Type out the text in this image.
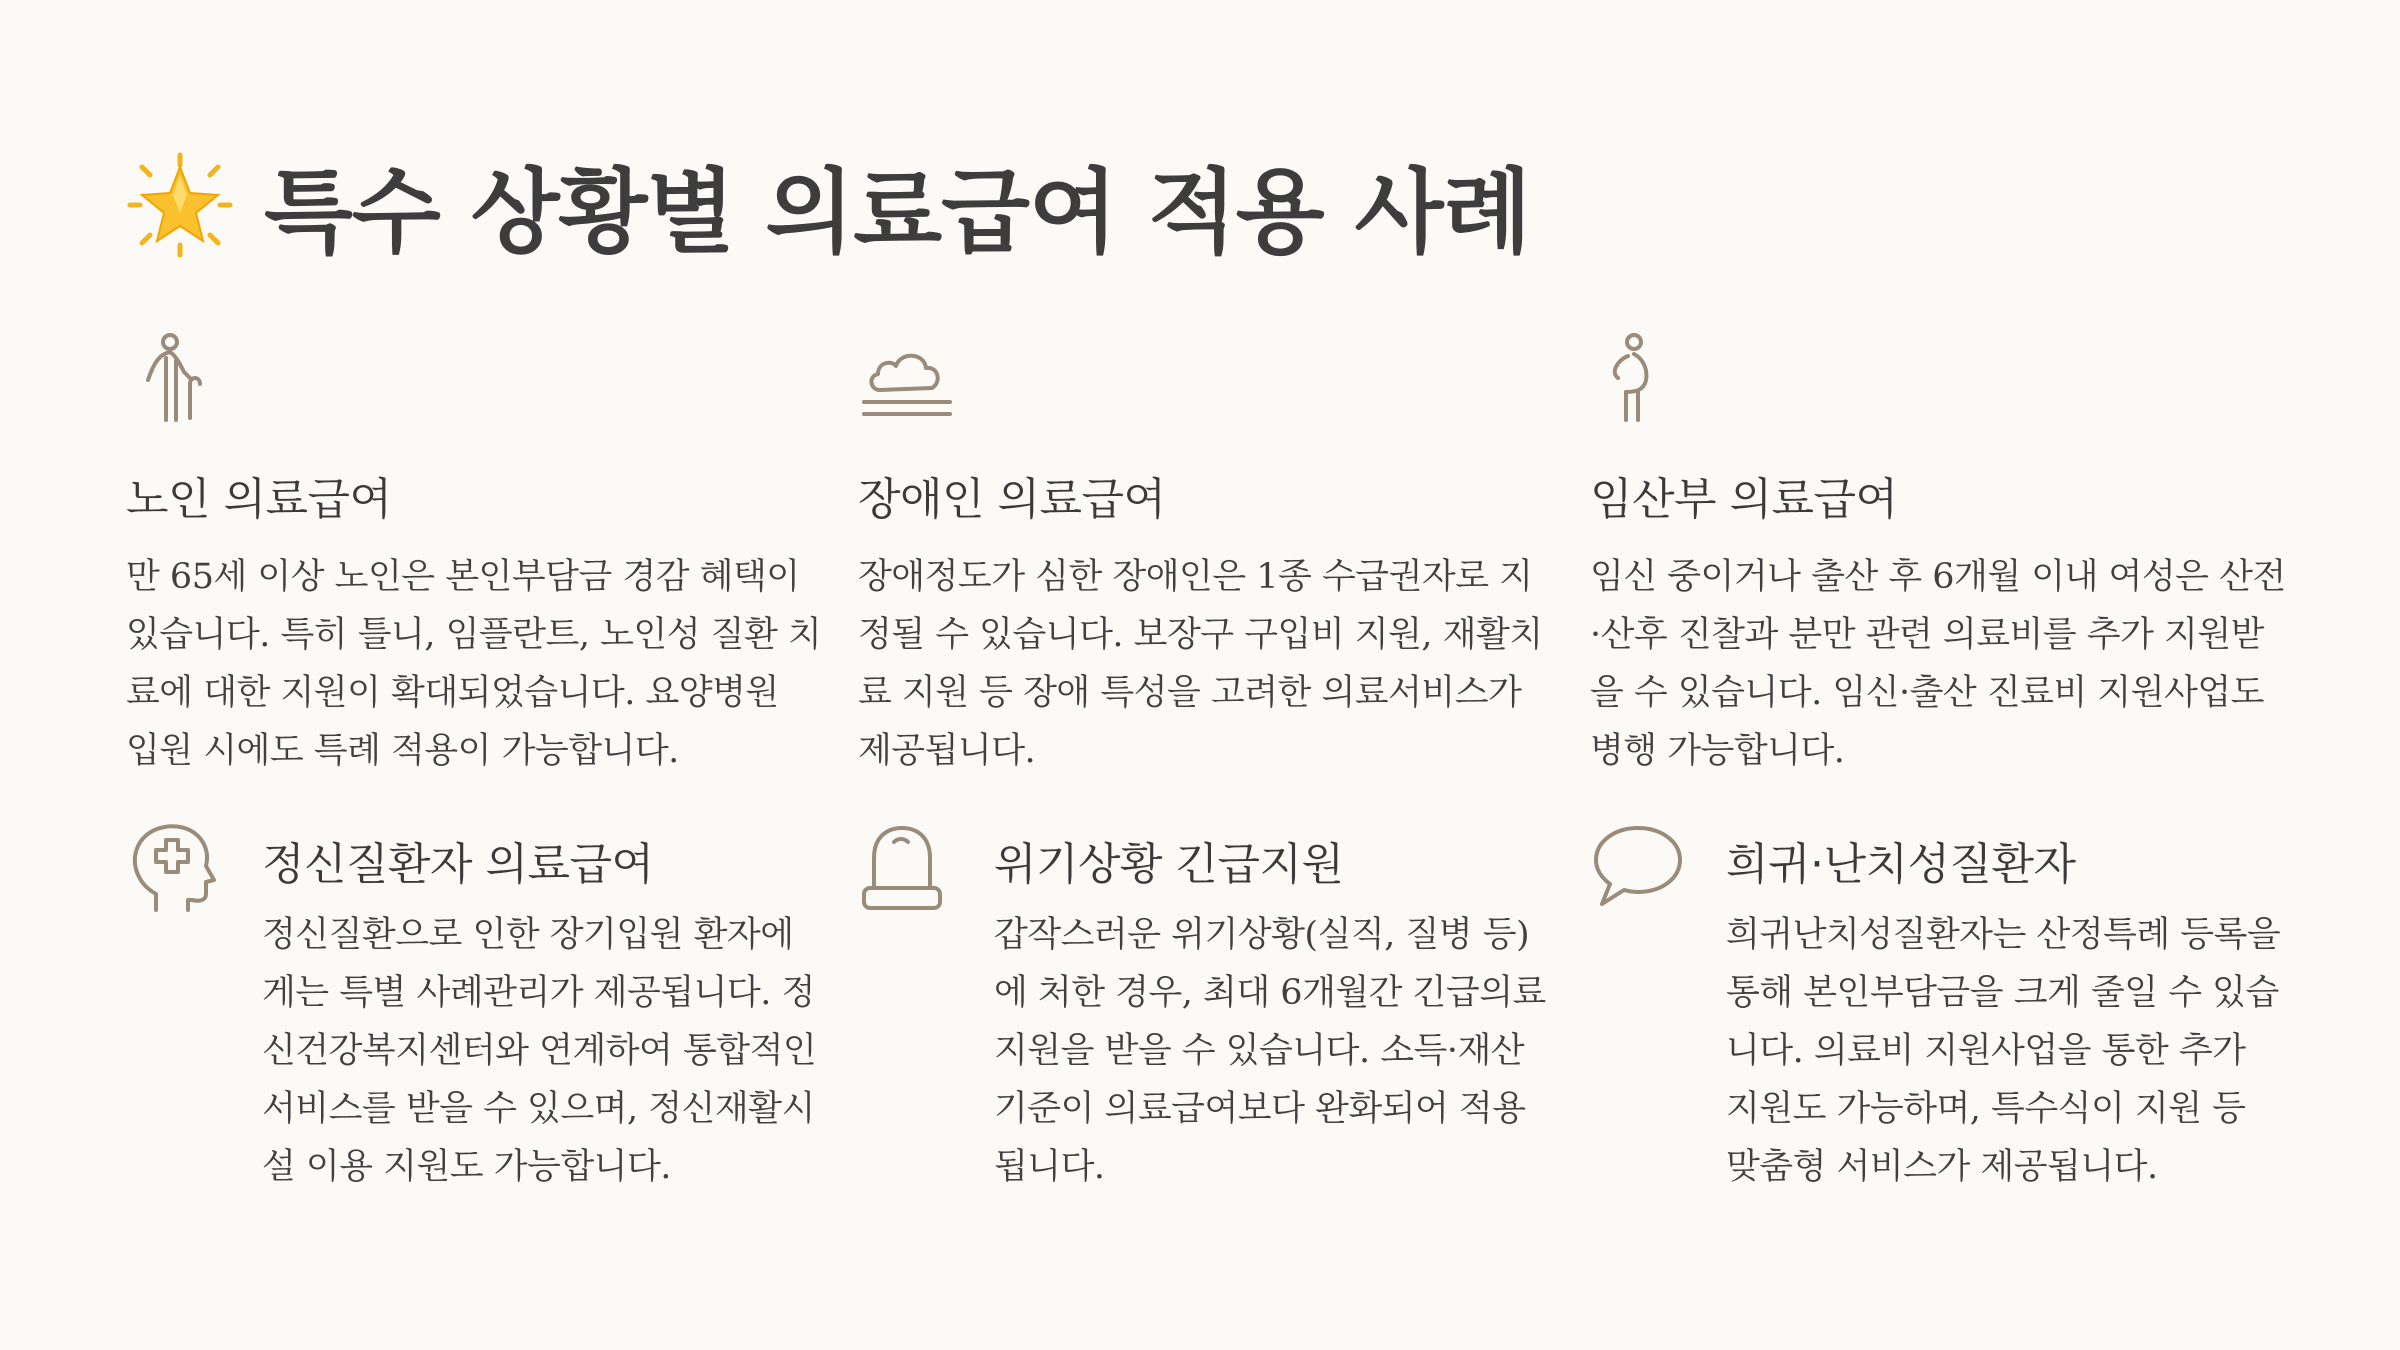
특수 상황별 의료급여 적용 사례
노인 의료급여

만 65세 이상 노인은 본인부담금 경감 혜택이
있습니다. 특히 틀니, 임플란트, 노인성 질환 치
료에 대한 지원이 확대되었습니다. 요양병원
입원 시에도 특례 적용이 가능합니다.

장애인 의료급여

장애정도가 심한 장애인은 1종 수급권자로 지
정될 수 있습니다. 보장구 구입비 지원, 재활치
료 지원 등 장애 특성을 고려한 의료서비스가
제공됩니다.

임산부 의료급여

임신 중이거나 출산 후 6개월 이내 여성은 산전
·산후 진찰과 분만 관련 의료비를 추가 지원받
을 수 있습니다. 임신·출산 진료비 지원사업도
병행 가능합니다.

정신질환자 의료급여

정신질환으로 인한 장기입원 환자에
게는 특별 사례관리가 제공됩니다. 정
신건강복지센터와 연계하여 통합적인
서비스를 받을 수 있으며, 정신재활시
설 이용 지원도 가능합니다.

위기상황 긴급지원

갑작스러운 위기상황(실직, 질병 등)
에 처한 경우, 최대 6개월간 긴급의료
지원을 받을 수 있습니다. 소득·재산
기준이 의료급여보다 완화되어 적용
됩니다.

희귀·난치성질환자

희귀난치성질환자는 산정특례 등록을
통해 본인부담금을 크게 줄일 수 있습
니다. 의료비 지원사업을 통한 추가
지원도 가능하며, 특수식이 지원 등
맞춤형 서비스가 제공됩니다.
